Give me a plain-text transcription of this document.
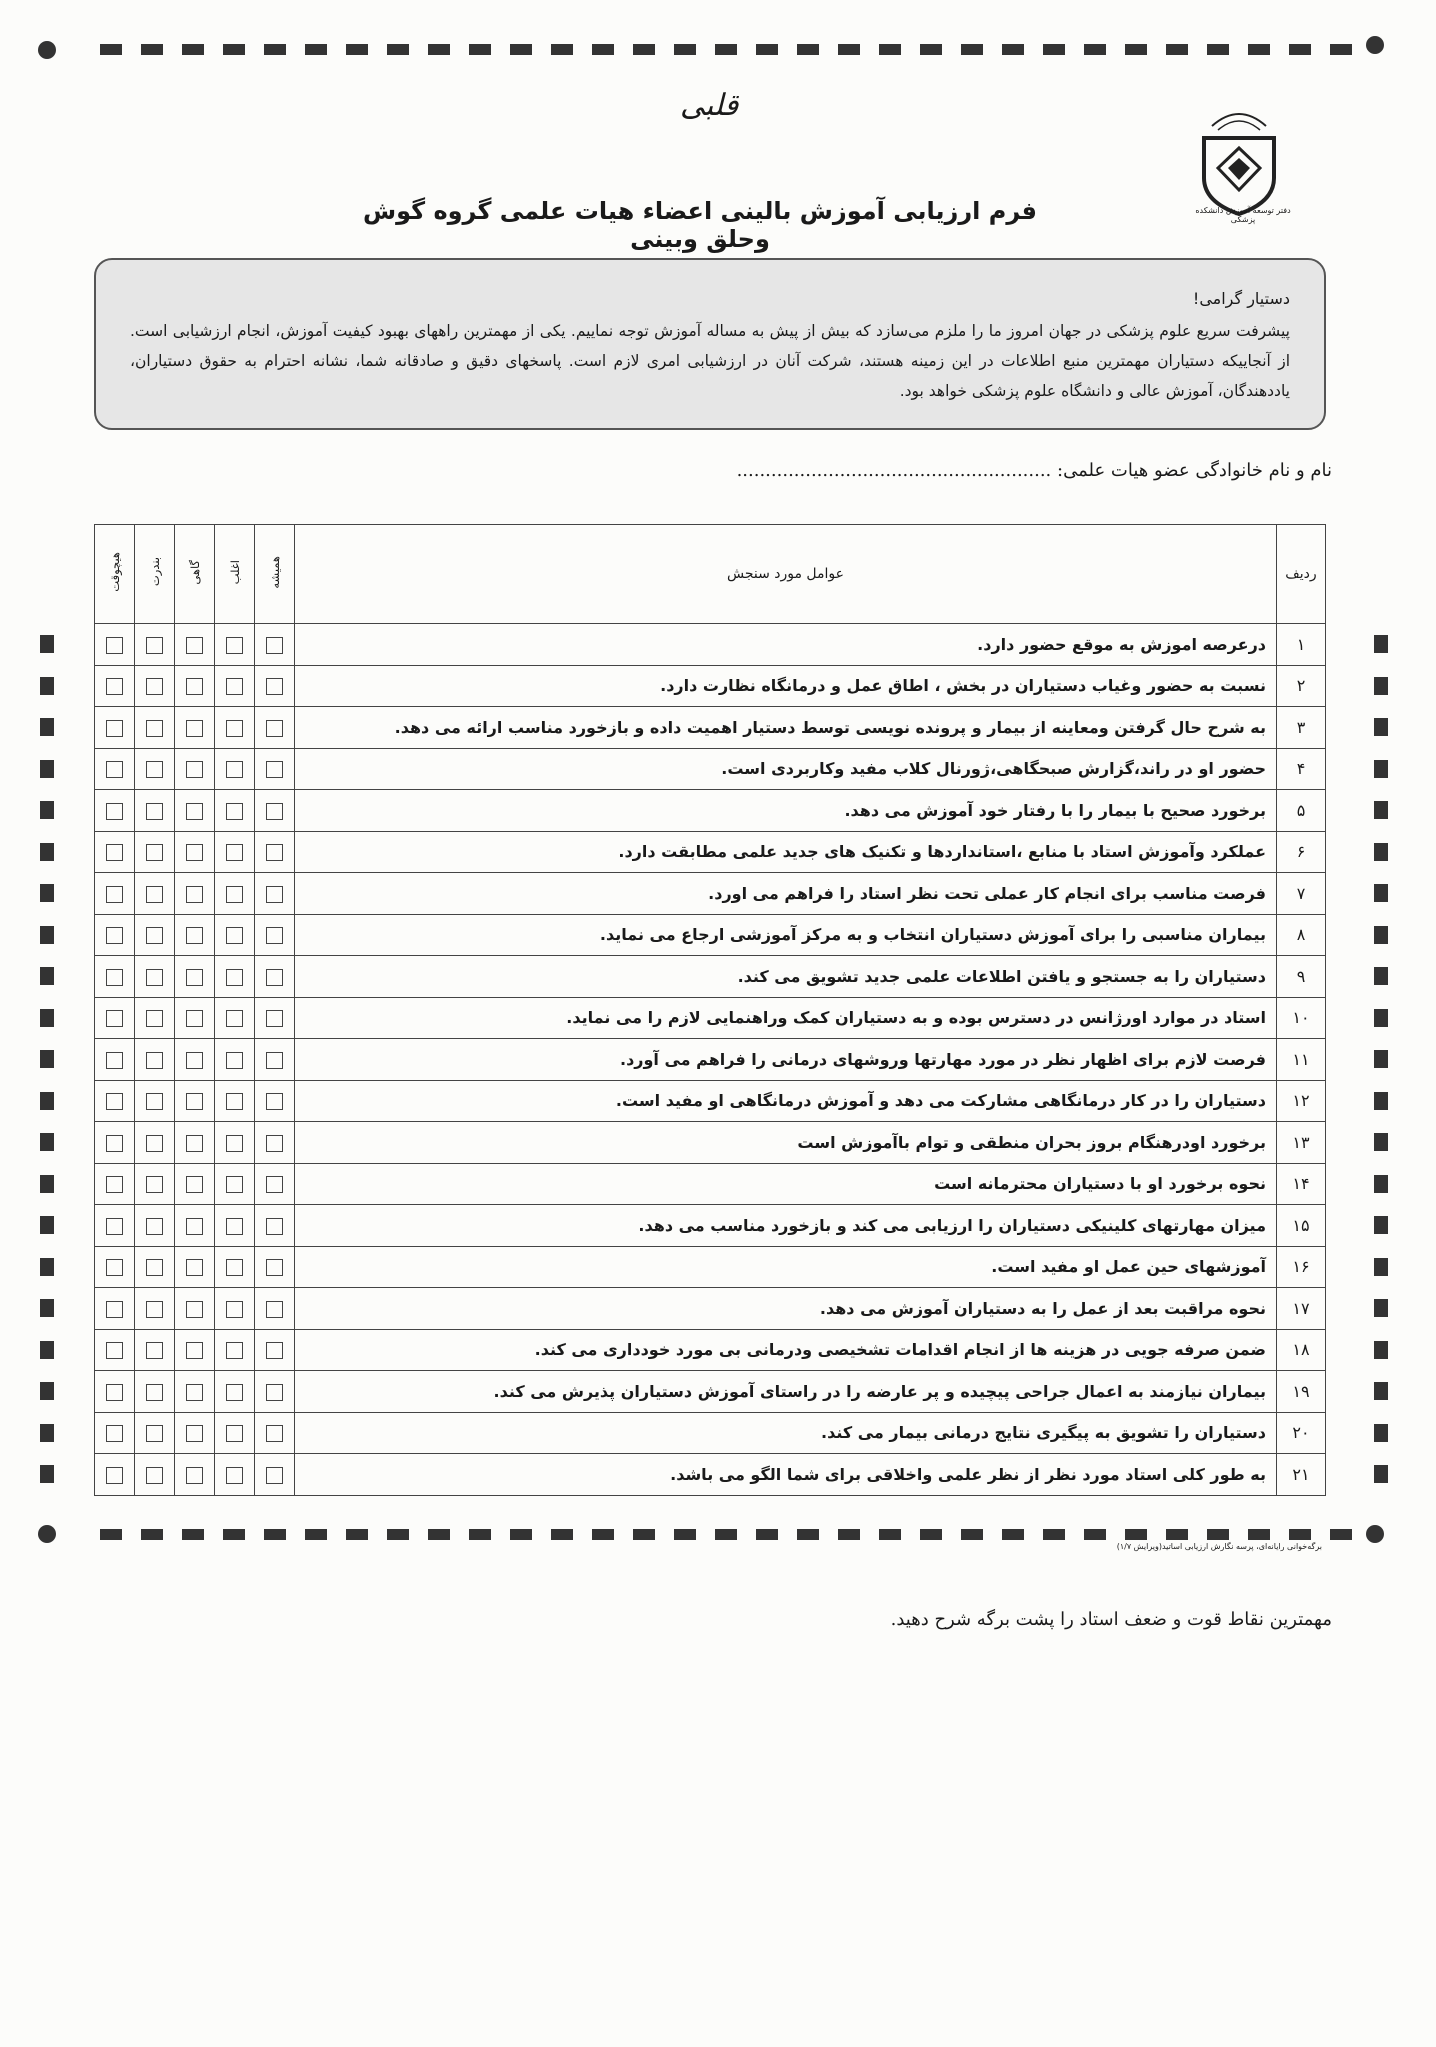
قلبی
دفتر توسعه آموزش دانشکده پزشکی
فرم ارزیابی آموزش بالینی اعضاء هیات علمی گروه گوش وحلق وبینی
دستیار گرامی!

پیشرفت سریع علوم پزشکی در جهان امروز ما را ملزم می‌سازد که بیش از پیش به مساله آموزش توجه نماییم. یکی از مهمترین راههای بهبود کیفیت آموزش، انجام ارزشیابی است. از آنجاییکه دستیاران مهمترین منبع اطلاعات در این زمینه هستند، شرکت آنان در ارزشیابی امری لازم است. پاسخهای دقیق و صادقانه شما، نشانه احترام به حقوق دستیاران، یاددهندگان، آموزش عالی و دانشگاه علوم پزشکی خواهد بود.

نام و نام خانوادگی عضو هیات علمی: .......................................................
ردیف	عوامل مورد سنجش	همیشه	اغلب	گاهی	بندرت	هیچوقت
۱	درعرصه اموزش به موقع حضور دارد.					
۲	نسبت به حضور وغیاب دستیاران در بخش ، اطاق عمل و درمانگاه نظارت دارد.					
۳	به شرح حال گرفتن ومعاینه از بیمار و پرونده نویسی توسط دستیار اهمیت داده و بازخورد مناسب ارائه می دهد.					
۴	حضور او در راند،گزارش صبحگاهی،ژورنال کلاب مفید وکاربردی است.					
۵	برخورد صحیح با بیمار را با رفتار خود آموزش می دهد.					
۶	عملکرد وآموزش استاد با منابع ،استانداردها و تکنیک های جدید علمی مطابقت دارد.					
۷	فرصت مناسب برای انجام کار عملی تحت نظر استاد را فراهم می اورد.					
۸	بیماران مناسبی را برای آموزش دستیاران انتخاب و به مرکز آموزشی ارجاع می نماید.					
۹	دستیاران را به جستجو و یافتن اطلاعات علمی جدید تشویق می کند.					
۱۰	استاد در موارد اورژانس در دسترس بوده و به دستیاران کمک وراهنمایی لازم را می نماید.					
۱۱	فرصت لازم برای اظهار نظر در مورد مهارتها وروشهای درمانی را فراهم می آورد.					
۱۲	دستیاران را در کار درمانگاهی مشارکت می دهد و آموزش درمانگاهی او مفید است.					
۱۳	برخورد اودرهنگام بروز بحران منطقی و توام باآموزش است					
۱۴	نحوه برخورد او با دستیاران محترمانه است					
۱۵	میزان مهارتهای کلینیکی دستیاران را ارزیابی می کند و بازخورد مناسب می دهد.					
۱۶	آموزشهای حین عمل او مفید است.					
۱۷	نحوه مراقبت بعد از عمل را به دستیاران آموزش می دهد.					
۱۸	ضمن صرفه جویی در هزینه ها از انجام اقدامات تشخیصی ودرمانی بی مورد خودداری می کند.					
۱۹	بیماران نیازمند به اعمال جراحی پیچیده و پر عارضه را در راستای آموزش دستیاران پذیرش می کند.					
۲۰	دستیاران را تشویق به پیگیری نتایج درمانی بیمار می کند.					
۲۱	به طور کلی استاد مورد نظر از نظر علمی واخلاقی برای شما الگو می باشد.					
برگه‌خوانی رایانه‌ای، پرسه نگارش ارزیابی اساتید(ویرایش ۱/۷)
مهمترین نقاط قوت و ضعف استاد را پشت برگه شرح دهید.
